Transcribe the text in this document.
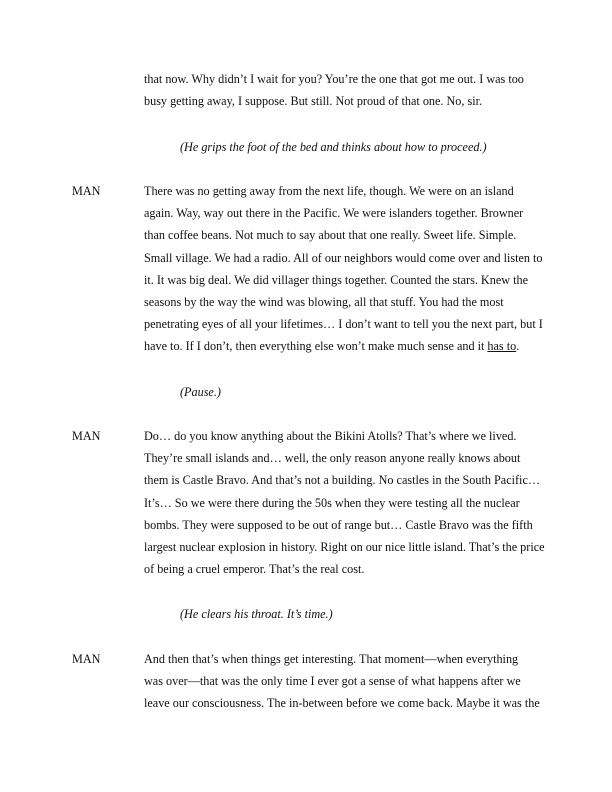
that now. Why didn’t I wait for you? You’re the one that got me out. I was too
busy getting away, I suppose. But still. Not proud of that one. No, sir.
(He grips the foot of the bed and thinks about how to proceed.)
MAN	There was no getting away from the next life, though. We were on an island
again. Way, way out there in the Pacific. We were islanders together. Browner
than coffee beans. Not much to say about that one really. Sweet life. Simple.
Small village. We had a radio. All of our neighbors would come over and listen to
it. It was big deal. We did villager things together. Counted the stars. Knew the
seasons by the way the wind was blowing, all that stuff. You had the most
penetrating eyes of all your lifetimes… I don’t want to tell you the next part, but I
have to. If I don’t, then everything else won’t make much sense and it has to.
(Pause.)
MAN	Do… do you know anything about the Bikini Atolls? That’s where we lived.
They’re small islands and… well, the only reason anyone really knows about
them is Castle Bravo. And that’s not a building. No castles in the South Pacific…
It’s… So we were there during the 50s when they were testing all the nuclear
bombs. They were supposed to be out of range but… Castle Bravo was the fifth
largest nuclear explosion in history. Right on our nice little island. That’s the price
of being a cruel emperor. That’s the real cost.
(He clears his throat. It’s time.)
MAN	And then that’s when things get interesting. That moment—when everything
was over—that was the only time I ever got a sense of what happens after we
leave our consciousness. The in-between before we come back. Maybe it was the
